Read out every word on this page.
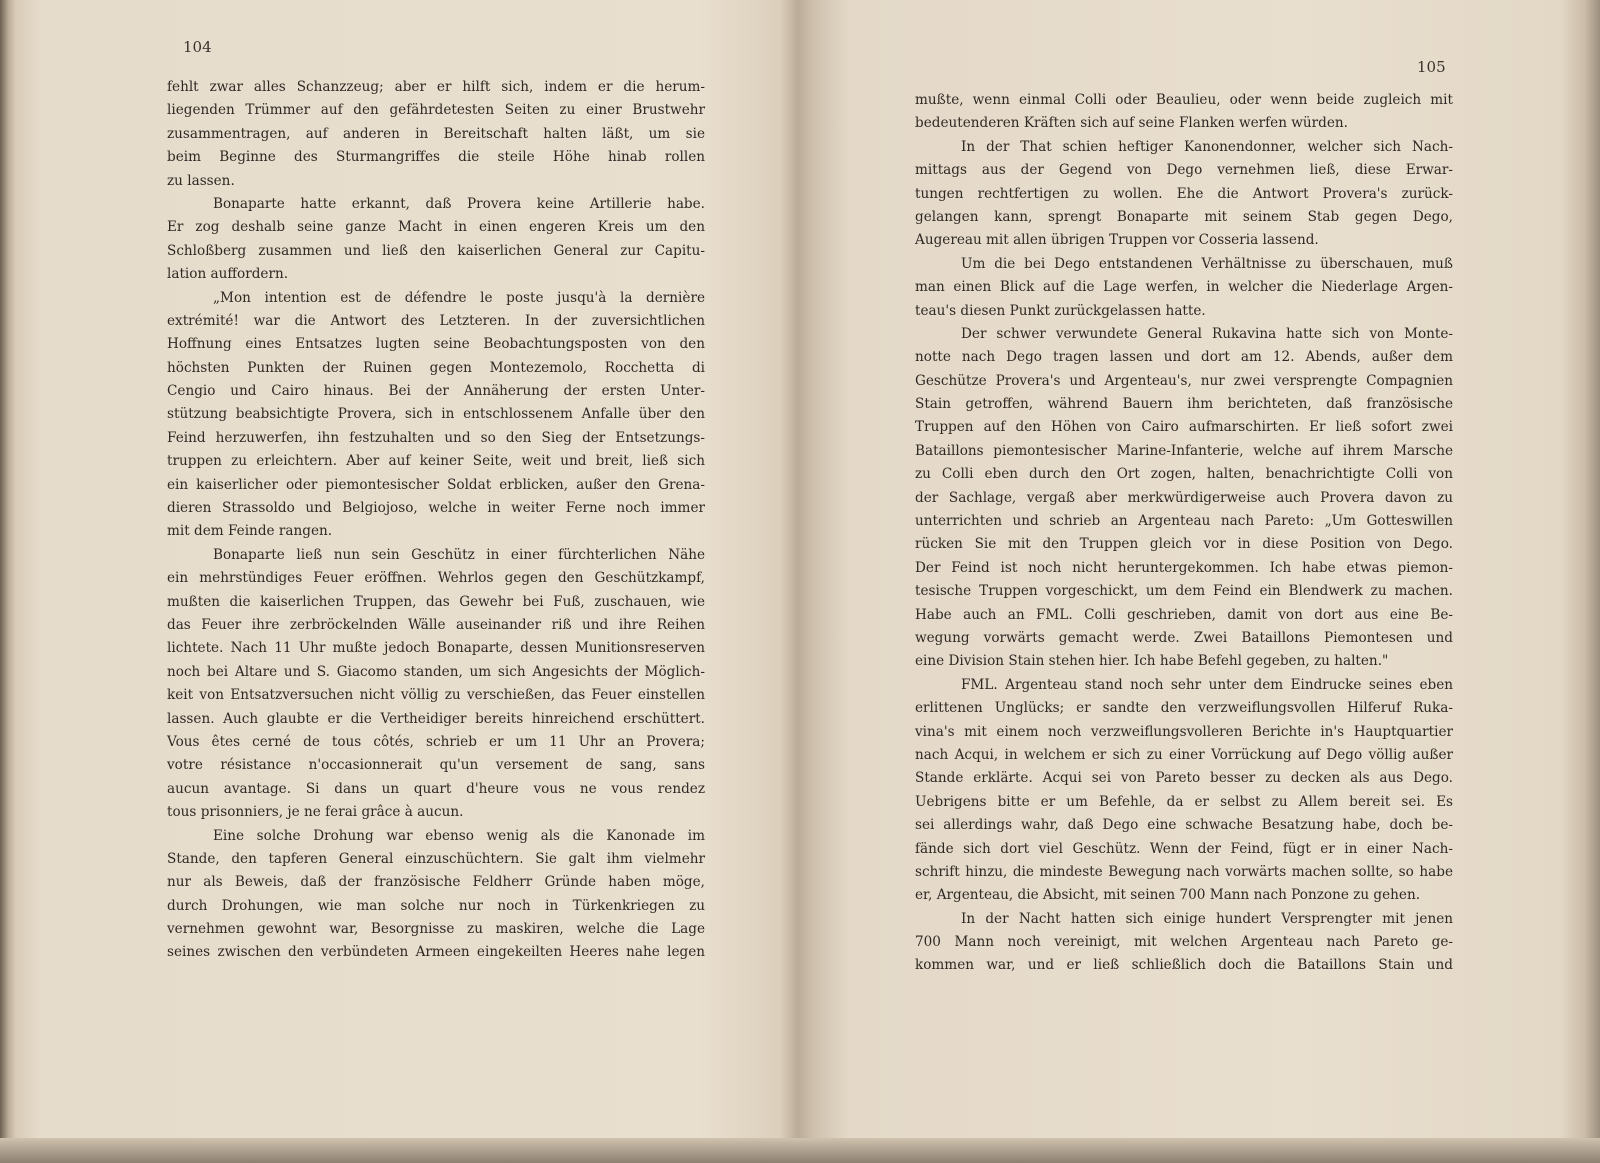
104
fehlt zwar alles Schanzzeug; aber er hilft sich, indem er die herum-
liegenden Trümmer auf den gefährdetesten Seiten zu einer Brustwehr
zusammentragen, auf anderen in Bereitschaft halten läßt, um sie
beim Beginne des Sturmangriffes die steile Höhe hinab rollen
zu lassen.
Bonaparte hatte erkannt, daß Provera keine Artillerie habe.
Er zog deshalb seine ganze Macht in einen engeren Kreis um den
Schloßberg zusammen und ließ den kaiserlichen General zur Capitu-
lation auffordern.
„Mon intention est de défendre le poste jusqu'à la dernière
extrémité! war die Antwort des Letzteren. In der zuversichtlichen
Hoffnung eines Entsatzes lugten seine Beobachtungsposten von den
höchsten Punkten der Ruinen gegen Montezemolo, Rocchetta di
Cengio und Cairo hinaus. Bei der Annäherung der ersten Unter-
stützung beabsichtigte Provera, sich in entschlossenem Anfalle über den
Feind herzuwerfen, ihn festzuhalten und so den Sieg der Entsetzungs-
truppen zu erleichtern. Aber auf keiner Seite, weit und breit, ließ sich
ein kaiserlicher oder piemontesischer Soldat erblicken, außer den Grena-
dieren Strassoldo und Belgiojoso, welche in weiter Ferne noch immer
mit dem Feinde rangen.
Bonaparte ließ nun sein Geschütz in einer fürchterlichen Nähe
ein mehrstündiges Feuer eröffnen. Wehrlos gegen den Geschützkampf,
mußten die kaiserlichen Truppen, das Gewehr bei Fuß, zuschauen, wie
das Feuer ihre zerbröckelnden Wälle auseinander riß und ihre Reihen
lichtete. Nach 11 Uhr mußte jedoch Bonaparte, dessen Munitionsreserven
noch bei Altare und S. Giacomo standen, um sich Angesichts der Möglich-
keit von Entsatzversuchen nicht völlig zu verschießen, das Feuer einstellen
lassen. Auch glaubte er die Vertheidiger bereits hinreichend erschüttert.
Vous êtes cerné de tous côtés, schrieb er um 11 Uhr an Provera;
votre résistance n'occasionnerait qu'un versement de sang, sans
aucun avantage. Si dans un quart d'heure vous ne vous rendez
tous prisonniers, je ne ferai grâce à aucun.
Eine solche Drohung war ebenso wenig als die Kanonade im
Stande, den tapferen General einzuschüchtern. Sie galt ihm vielmehr
nur als Beweis, daß der französische Feldherr Gründe haben möge,
durch Drohungen, wie man solche nur noch in Türkenkriegen zu
vernehmen gewohnt war, Besorgnisse zu maskiren, welche die Lage
seines zwischen den verbündeten Armeen eingekeilten Heeres nahe legen
105
mußte, wenn einmal Colli oder Beaulieu, oder wenn beide zugleich mit
bedeutenderen Kräften sich auf seine Flanken werfen würden.
In der That schien heftiger Kanonendonner, welcher sich Nach-
mittags aus der Gegend von Dego vernehmen ließ, diese Erwar-
tungen rechtfertigen zu wollen. Ehe die Antwort Provera's zurück-
gelangen kann, sprengt Bonaparte mit seinem Stab gegen Dego,
Augereau mit allen übrigen Truppen vor Cosseria lassend.
Um die bei Dego entstandenen Verhältnisse zu überschauen, muß
man einen Blick auf die Lage werfen, in welcher die Niederlage Argen-
teau's diesen Punkt zurückgelassen hatte.
Der schwer verwundete General Rukavina hatte sich von Monte-
notte nach Dego tragen lassen und dort am 12. Abends, außer dem
Geschütze Provera's und Argenteau's, nur zwei versprengte Compagnien
Stain getroffen, während Bauern ihm berichteten, daß französische
Truppen auf den Höhen von Cairo aufmarschirten. Er ließ sofort zwei
Bataillons piemontesischer Marine-Infanterie, welche auf ihrem Marsche
zu Colli eben durch den Ort zogen, halten, benachrichtigte Colli von
der Sachlage, vergaß aber merkwürdigerweise auch Provera davon zu
unterrichten und schrieb an Argenteau nach Pareto: „Um Gotteswillen
rücken Sie mit den Truppen gleich vor in diese Position von Dego.
Der Feind ist noch nicht heruntergekommen. Ich habe etwas piemon-
tesische Truppen vorgeschickt, um dem Feind ein Blendwerk zu machen.
Habe auch an FML. Colli geschrieben, damit von dort aus eine Be-
wegung vorwärts gemacht werde. Zwei Bataillons Piemontesen und
eine Division Stain stehen hier. Ich habe Befehl gegeben, zu halten."
FML. Argenteau stand noch sehr unter dem Eindrucke seines eben
erlittenen Unglücks; er sandte den verzweiflungsvollen Hilferuf Ruka-
vina's mit einem noch verzweiflungsvolleren Berichte in's Hauptquartier
nach Acqui, in welchem er sich zu einer Vorrückung auf Dego völlig außer
Stande erklärte. Acqui sei von Pareto besser zu decken als aus Dego.
Uebrigens bitte er um Befehle, da er selbst zu Allem bereit sei. Es
sei allerdings wahr, daß Dego eine schwache Besatzung habe, doch be-
fände sich dort viel Geschütz. Wenn der Feind, fügt er in einer Nach-
schrift hinzu, die mindeste Bewegung nach vorwärts machen sollte, so habe
er, Argenteau, die Absicht, mit seinen 700 Mann nach Ponzone zu gehen.
In der Nacht hatten sich einige hundert Versprengter mit jenen
700 Mann noch vereinigt, mit welchen Argenteau nach Pareto ge-
kommen war, und er ließ schließlich doch die Bataillons Stain und
